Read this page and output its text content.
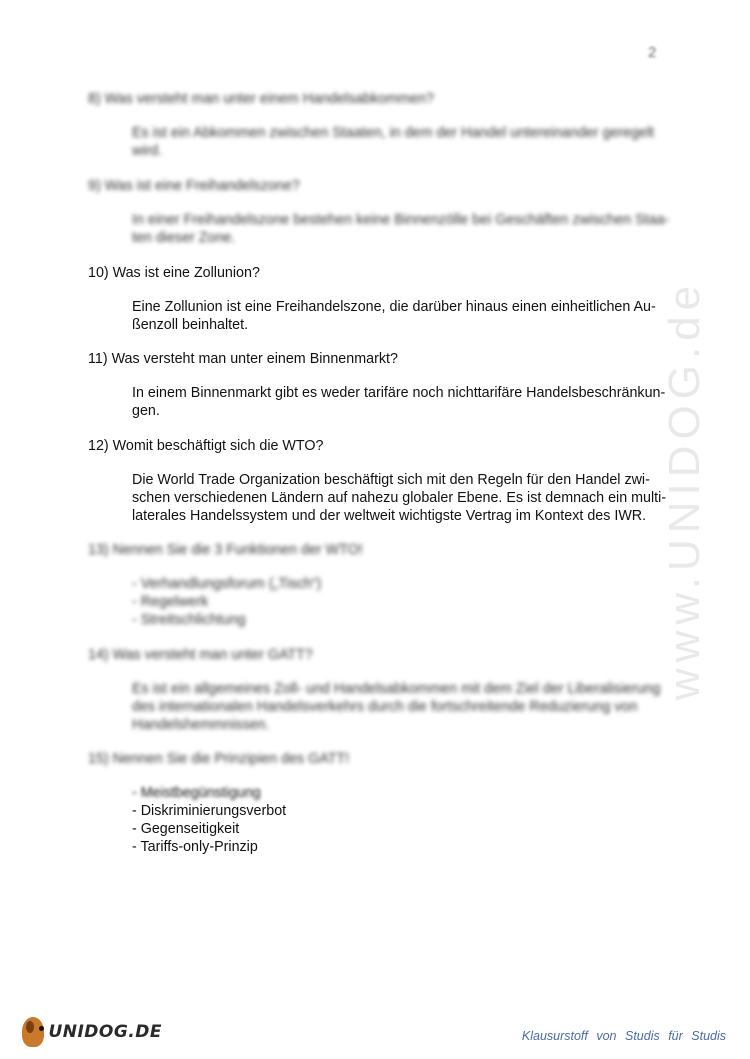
2
www.UNIDOG.de

8) Was versteht man unter einem Handelsabkommen?

Es ist ein Abkommen zwischen Staaten, in dem der Handel untereinander geregelt
wird.

9) Was ist eine Freihandelszone?

In einer Freihandelszone bestehen keine Binnenzölle bei Geschäften zwischen Staa-
ten dieser Zone.

10) Was ist eine Zollunion?

Eine Zollunion ist eine Freihandelszone, die darüber hinaus einen einheitlichen Au-
ßenzoll beinhaltet.

11) Was versteht man unter einem Binnenmarkt?

In einem Binnenmarkt gibt es weder tarifäre noch nichttarifäre Handelsbeschränkun-
gen.

12) Womit beschäftigt sich die WTO?

Die World Trade Organization beschäftigt sich mit den Regeln für den Handel zwi-
schen verschiedenen Ländern auf nahezu globaler Ebene. Es ist demnach ein multi-
laterales Handelssystem und der weltweit wichtigste Vertrag im Kontext des IWR.

13) Nennen Sie die 3 Funktionen der WTO!

- Verhandlungsforum („Tisch“)
- Regelwerk
- Streitschlichtung

14) Was versteht man unter GATT?

Es ist ein allgemeines Zoll- und Handelsabkommen mit dem Ziel der Liberalisierung
des internationalen Handelsverkehrs durch die fortschreitende Reduzierung von
Handelshemmnissen.

15) Nennen Sie die Prinzipien des GATT!

- Meistbegünstigung
- Diskriminierungsverbot
- Gegenseitigkeit
- Tariffs-only-Prinzip
UNIDOG.DE	Klausurstoff von Studis für Studis
